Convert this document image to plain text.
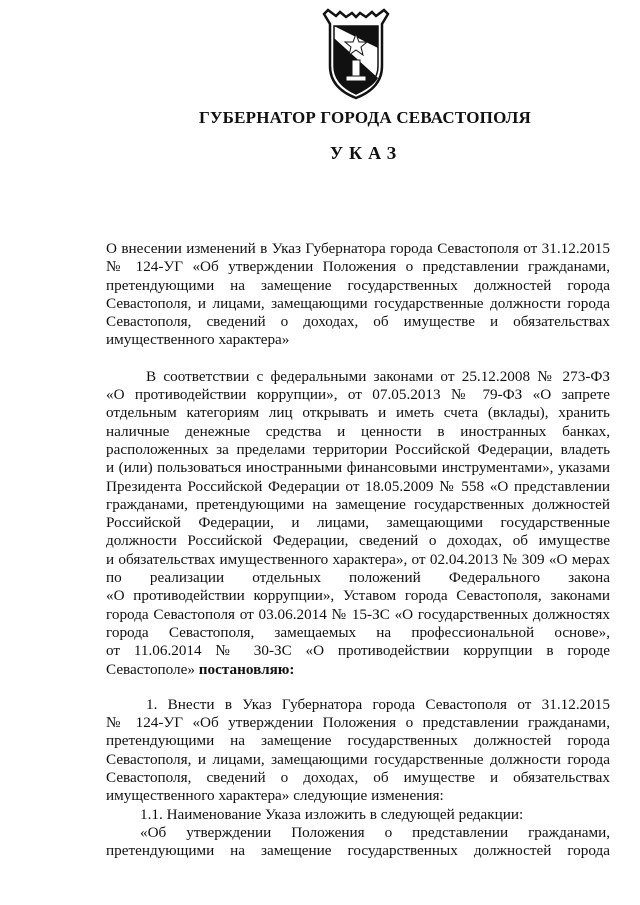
ГУБЕРНАТОР ГОРОДА СЕВАСТОПОЛЯ
УКАЗ
О внесении изменений в Указ Губернатора города Севастополя от 31.12.2015
№ 124-УГ «Об утверждении Положения о представлении гражданами,
претендующими на замещение государственных должностей города
Севастополя, и лицами, замещающими государственные должности города
Севастополя, сведений о доходах, об имуществе и обязательствах
имущественного характера»
В соответствии с федеральными законами от 25.12.2008 № 273-ФЗ
«О противодействии коррупции», от 07.05.2013 № 79-ФЗ «О запрете
отдельным категориям лиц открывать и иметь счета (вклады), хранить
наличные денежные средства и ценности в иностранных банках,
расположенных за пределами территории Российской Федерации, владеть
и (или) пользоваться иностранными финансовыми инструментами», указами
Президента Российской Федерации от 18.05.2009 № 558 «О представлении
гражданами, претендующими на замещение государственных должностей
Российской Федерации, и лицами, замещающими государственные
должности Российской Федерации, сведений о доходах, об имуществе
и обязательствах имущественного характера», от 02.04.2013 № 309 «О мерах
по реализации отдельных положений Федерального закона
«О противодействии коррупции», Уставом города Севастополя, законами
города Севастополя от 03.06.2014 № 15-ЗС «О государственных должностях
города Севастополя, замещаемых на профессиональной основе»,
от 11.06.2014 № 30-ЗС «О противодействии коррупции в городе
Севастополе» постановляю:
1. Внести в Указ Губернатора города Севастополя от 31.12.2015
№ 124-УГ «Об утверждении Положения о представлении гражданами,
претендующими на замещение государственных должностей города
Севастополя, и лицами, замещающими государственные должности города
Севастополя, сведений о доходах, об имуществе и обязательствах
имущественного характера» следующие изменения:
1.1. Наименование Указа изложить в следующей редакции:
«Об утверждении Положения о представлении гражданами,
претендующими на замещение государственных должностей города
